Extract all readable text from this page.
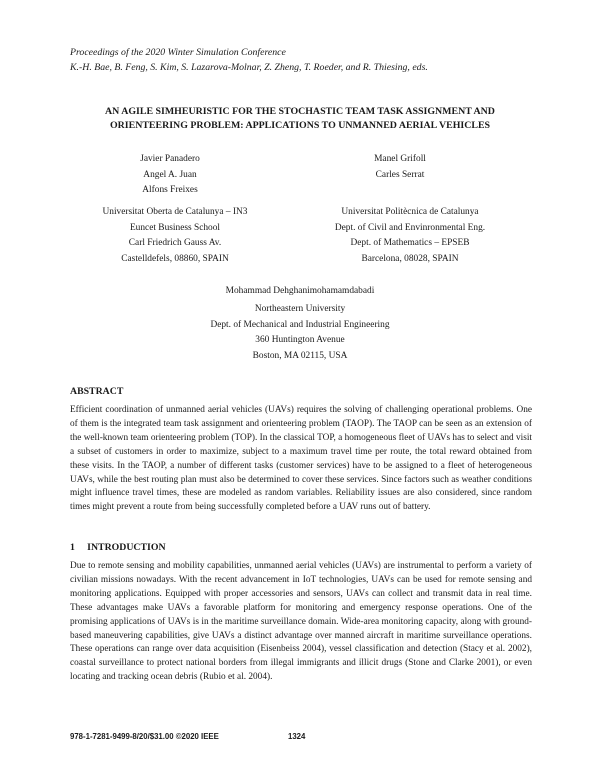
Proceedings of the 2020 Winter Simulation Conference
K.-H. Bae, B. Feng, S. Kim, S. Lazarova-Molnar, Z. Zheng, T. Roeder, and R. Thiesing, eds.
AN AGILE SIMHEURISTIC FOR THE STOCHASTIC TEAM TASK ASSIGNMENT AND
ORIENTEERING PROBLEM: APPLICATIONS TO UNMANNED AERIAL VEHICLES
Javier Panadero
Angel A. Juan
Alfons Freixes
Manel Grifoll
Carles Serrat
Universitat Oberta de Catalunya – IN3
Euncet Business School
Carl Friedrich Gauss Av.
Castelldefels, 08860, SPAIN
Universitat Politècnica de Catalunya
Dept. of Civil and Envinronmental Eng.
Dept. of Mathematics – EPSEB
Barcelona, 08028, SPAIN
Mohammad Dehghanimohamamdabadi
Northeastern University
Dept. of Mechanical and Industrial Engineering
360 Huntington Avenue
Boston, MA 02115, USA
ABSTRACT
Efficient coordination of unmanned aerial vehicles (UAVs) requires the solving of challenging operational problems. One of them is the integrated team task assignment and orienteering problem (TAOP). The TAOP can be seen as an extension of the well-known team orienteering problem (TOP). In the classical TOP, a homogeneous fleet of UAVs has to select and visit a subset of customers in order to maximize, subject to a maximum travel time per route, the total reward obtained from these visits. In the TAOP, a number of different tasks (customer services) have to be assigned to a fleet of heterogeneous UAVs, while the best routing plan must also be determined to cover these services. Since factors such as weather conditions might influence travel times, these are modeled as random variables. Reliability issues are also considered, since random times might prevent a route from being successfully completed before a UAV runs out of battery.
1     INTRODUCTION
Due to remote sensing and mobility capabilities, unmanned aerial vehicles (UAVs) are instrumental to perform a variety of civilian missions nowadays. With the recent advancement in IoT technologies, UAVs can be used for remote sensing and monitoring applications. Equipped with proper accessories and sensors, UAVs can collect and transmit data in real time. These advantages make UAVs a favorable platform for monitoring and emergency response operations. One of the promising applications of UAVs is in the maritime surveillance domain. Wide-area monitoring capacity, along with ground-based maneuvering capabilities, give UAVs a distinct advantage over manned aircraft in maritime surveillance operations. These operations can range over data acquisition (Eisenbeiss 2004), vessel classification and detection (Stacy et al. 2002), coastal surveillance to protect national borders from illegal immigrants and illicit drugs (Stone and Clarke 2001), or even locating and tracking ocean debris (Rubio et al. 2004).
978-1-7281-9499-8/20/$31.00 ©2020 IEEE	1324
